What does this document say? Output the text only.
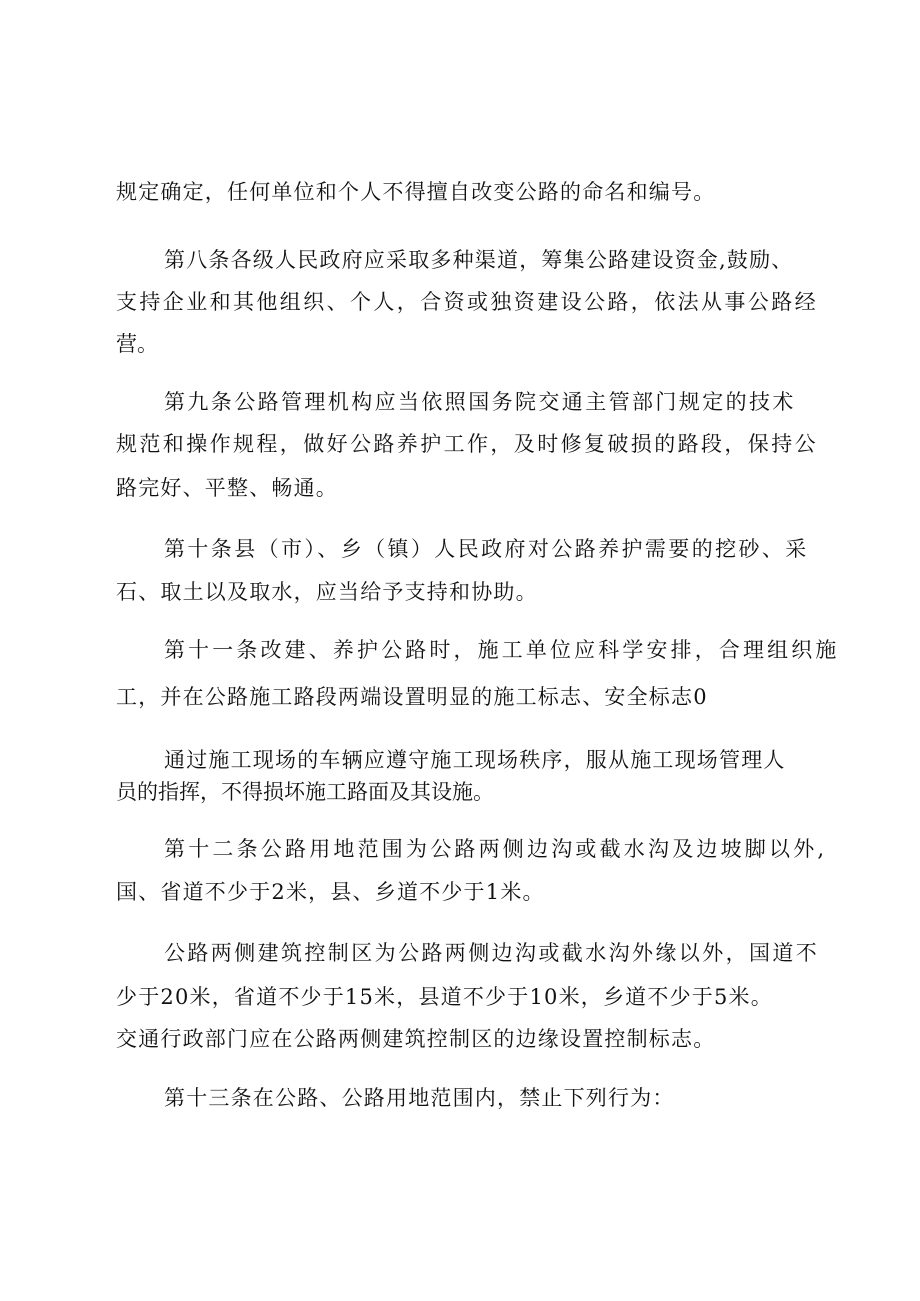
规定确定，任何单位和个人不得擅自改变公路的命名和编号。
第八条各级人民政府应采取多种渠道，筹集公路建设资金,鼓励、
支持企业和其他组织、个人，合资或独资建设公路，依法从事公路经
营。
第九条公路管理机构应当依照国务院交通主管部门规定的技术
规范和操作规程，做好公路养护工作，及时修复破损的路段，保持公
路完好、平整、畅通。
第十条县（市）、乡（镇）人民政府对公路养护需要的挖砂、采
石、取土以及取水，应当给予支持和协助。
第十一条改建、养护公路时，施工单位应科学安排，合理组织施
工，并在公路施工路段两端设置明显的施工标志、安全标志0
通过施工现场的车辆应遵守施工现场秩序，服从施工现场管理人
员的指挥，不得损坏施工路面及其设施。
第十二条公路用地范围为公路两侧边沟或截水沟及边坡脚以外,
国、省道不少于2米，县、乡道不少于1米。
公路两侧建筑控制区为公路两侧边沟或截水沟外缘以外，国道不
少于20米，省道不少于15米，县道不少于10米，乡道不少于5米。
交通行政部门应在公路两侧建筑控制区的边缘设置控制标志。
第十三条在公路、公路用地范围内，禁止下列行为：
